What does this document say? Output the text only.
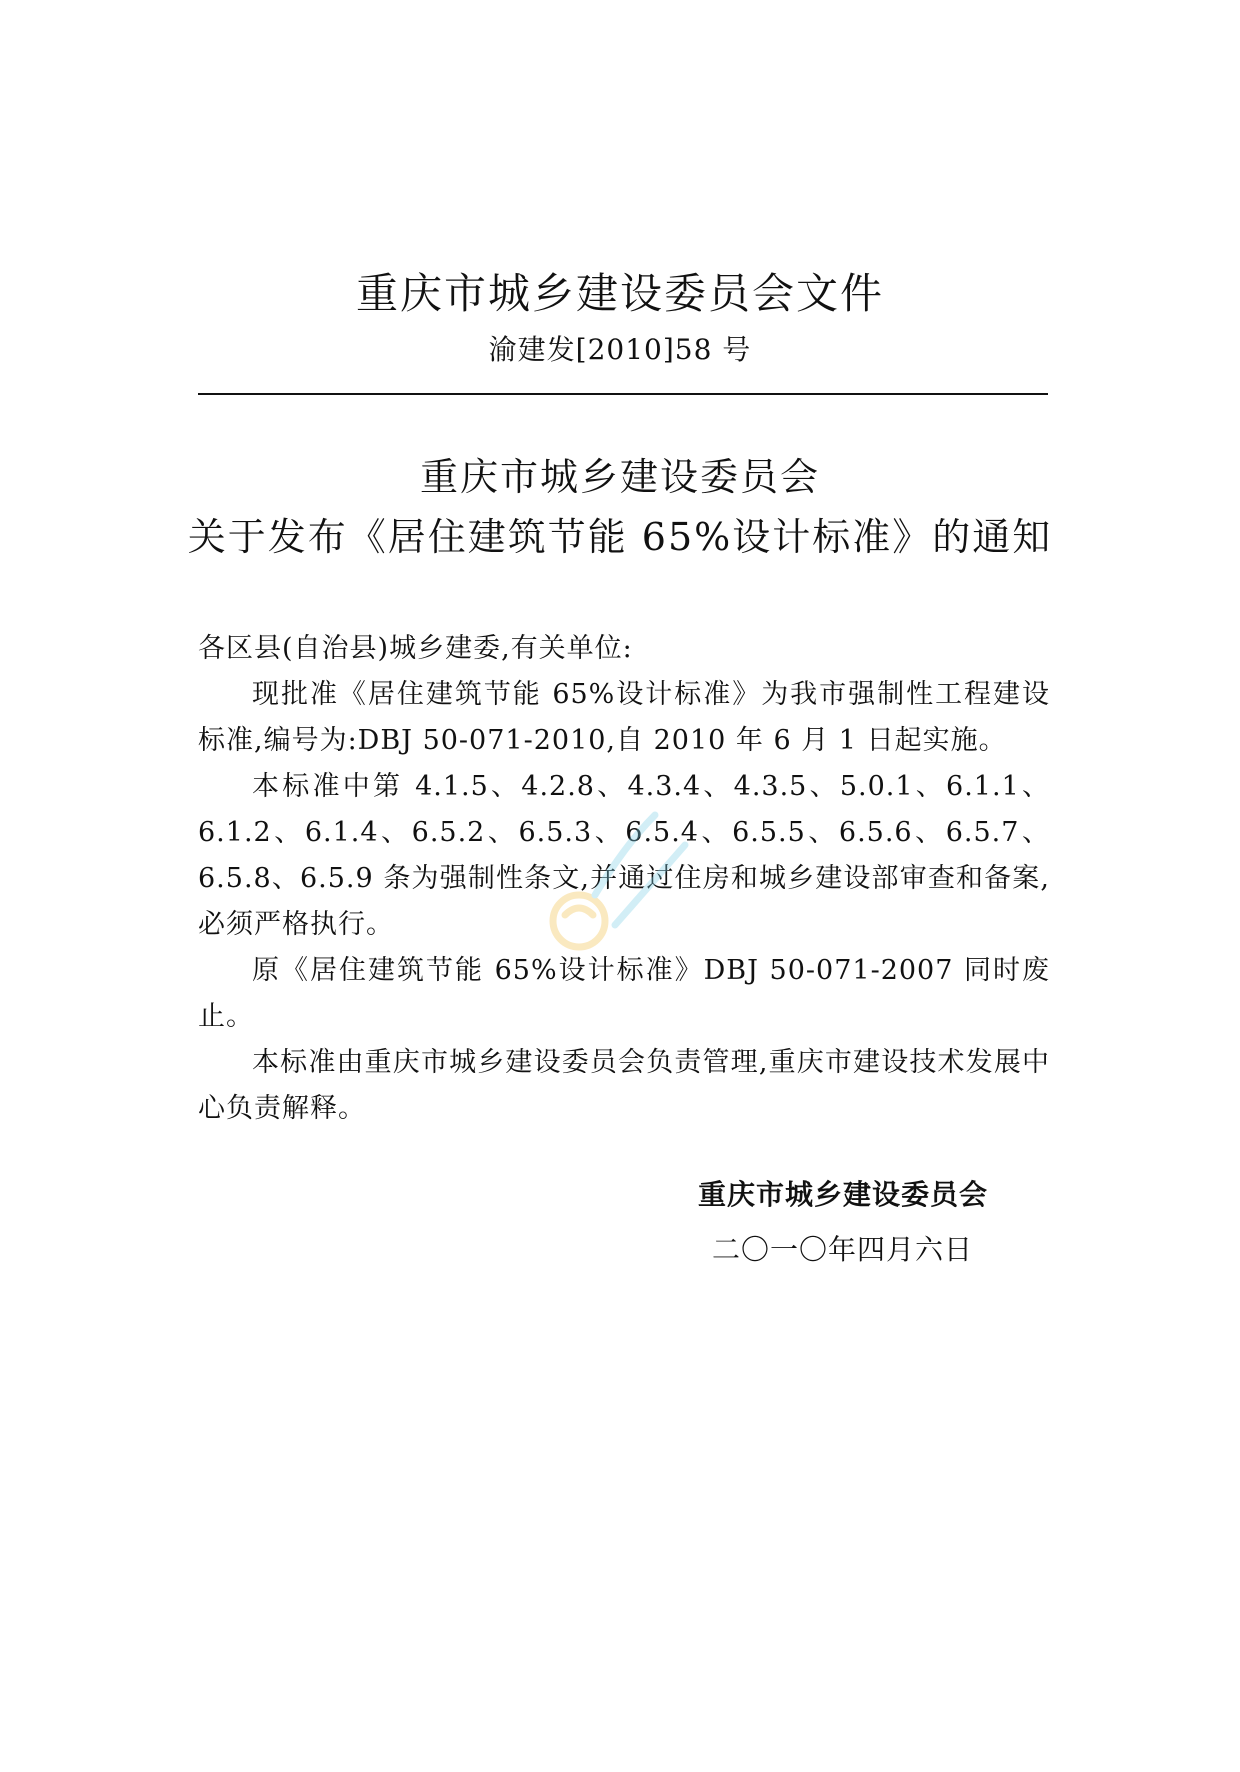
重庆市城乡建设委员会文件
渝建发[2010]58 号
重庆市城乡建设委员会
关于发布《居住建筑节能 65%设计标准》的通知

各区县(自治县)城乡建委,有关单位:

现批准《居住建筑节能 65%设计标准》为我市强制性工程建设标准,编号为:DBJ 50-071-2010,自 2010 年 6 月 1 日起实施。

本标准中第 4.1.5、4.2.8、4.3.4、4.3.5、5.0.1、6.1.1、6.1.2、6.1.4、6.5.2、6.5.3、6.5.4、6.5.5、6.5.6、6.5.7、6.5.8、6.5.9 条为强制性条文,并通过住房和城乡建设部审查和备案,必须严格执行。

原《居住建筑节能 65%设计标准》DBJ 50-071-2007 同时废止。

本标准由重庆市城乡建设委员会负责管理,重庆市建设技术发展中心负责解释。

重庆市城乡建设委员会
二〇一〇年四月六日
